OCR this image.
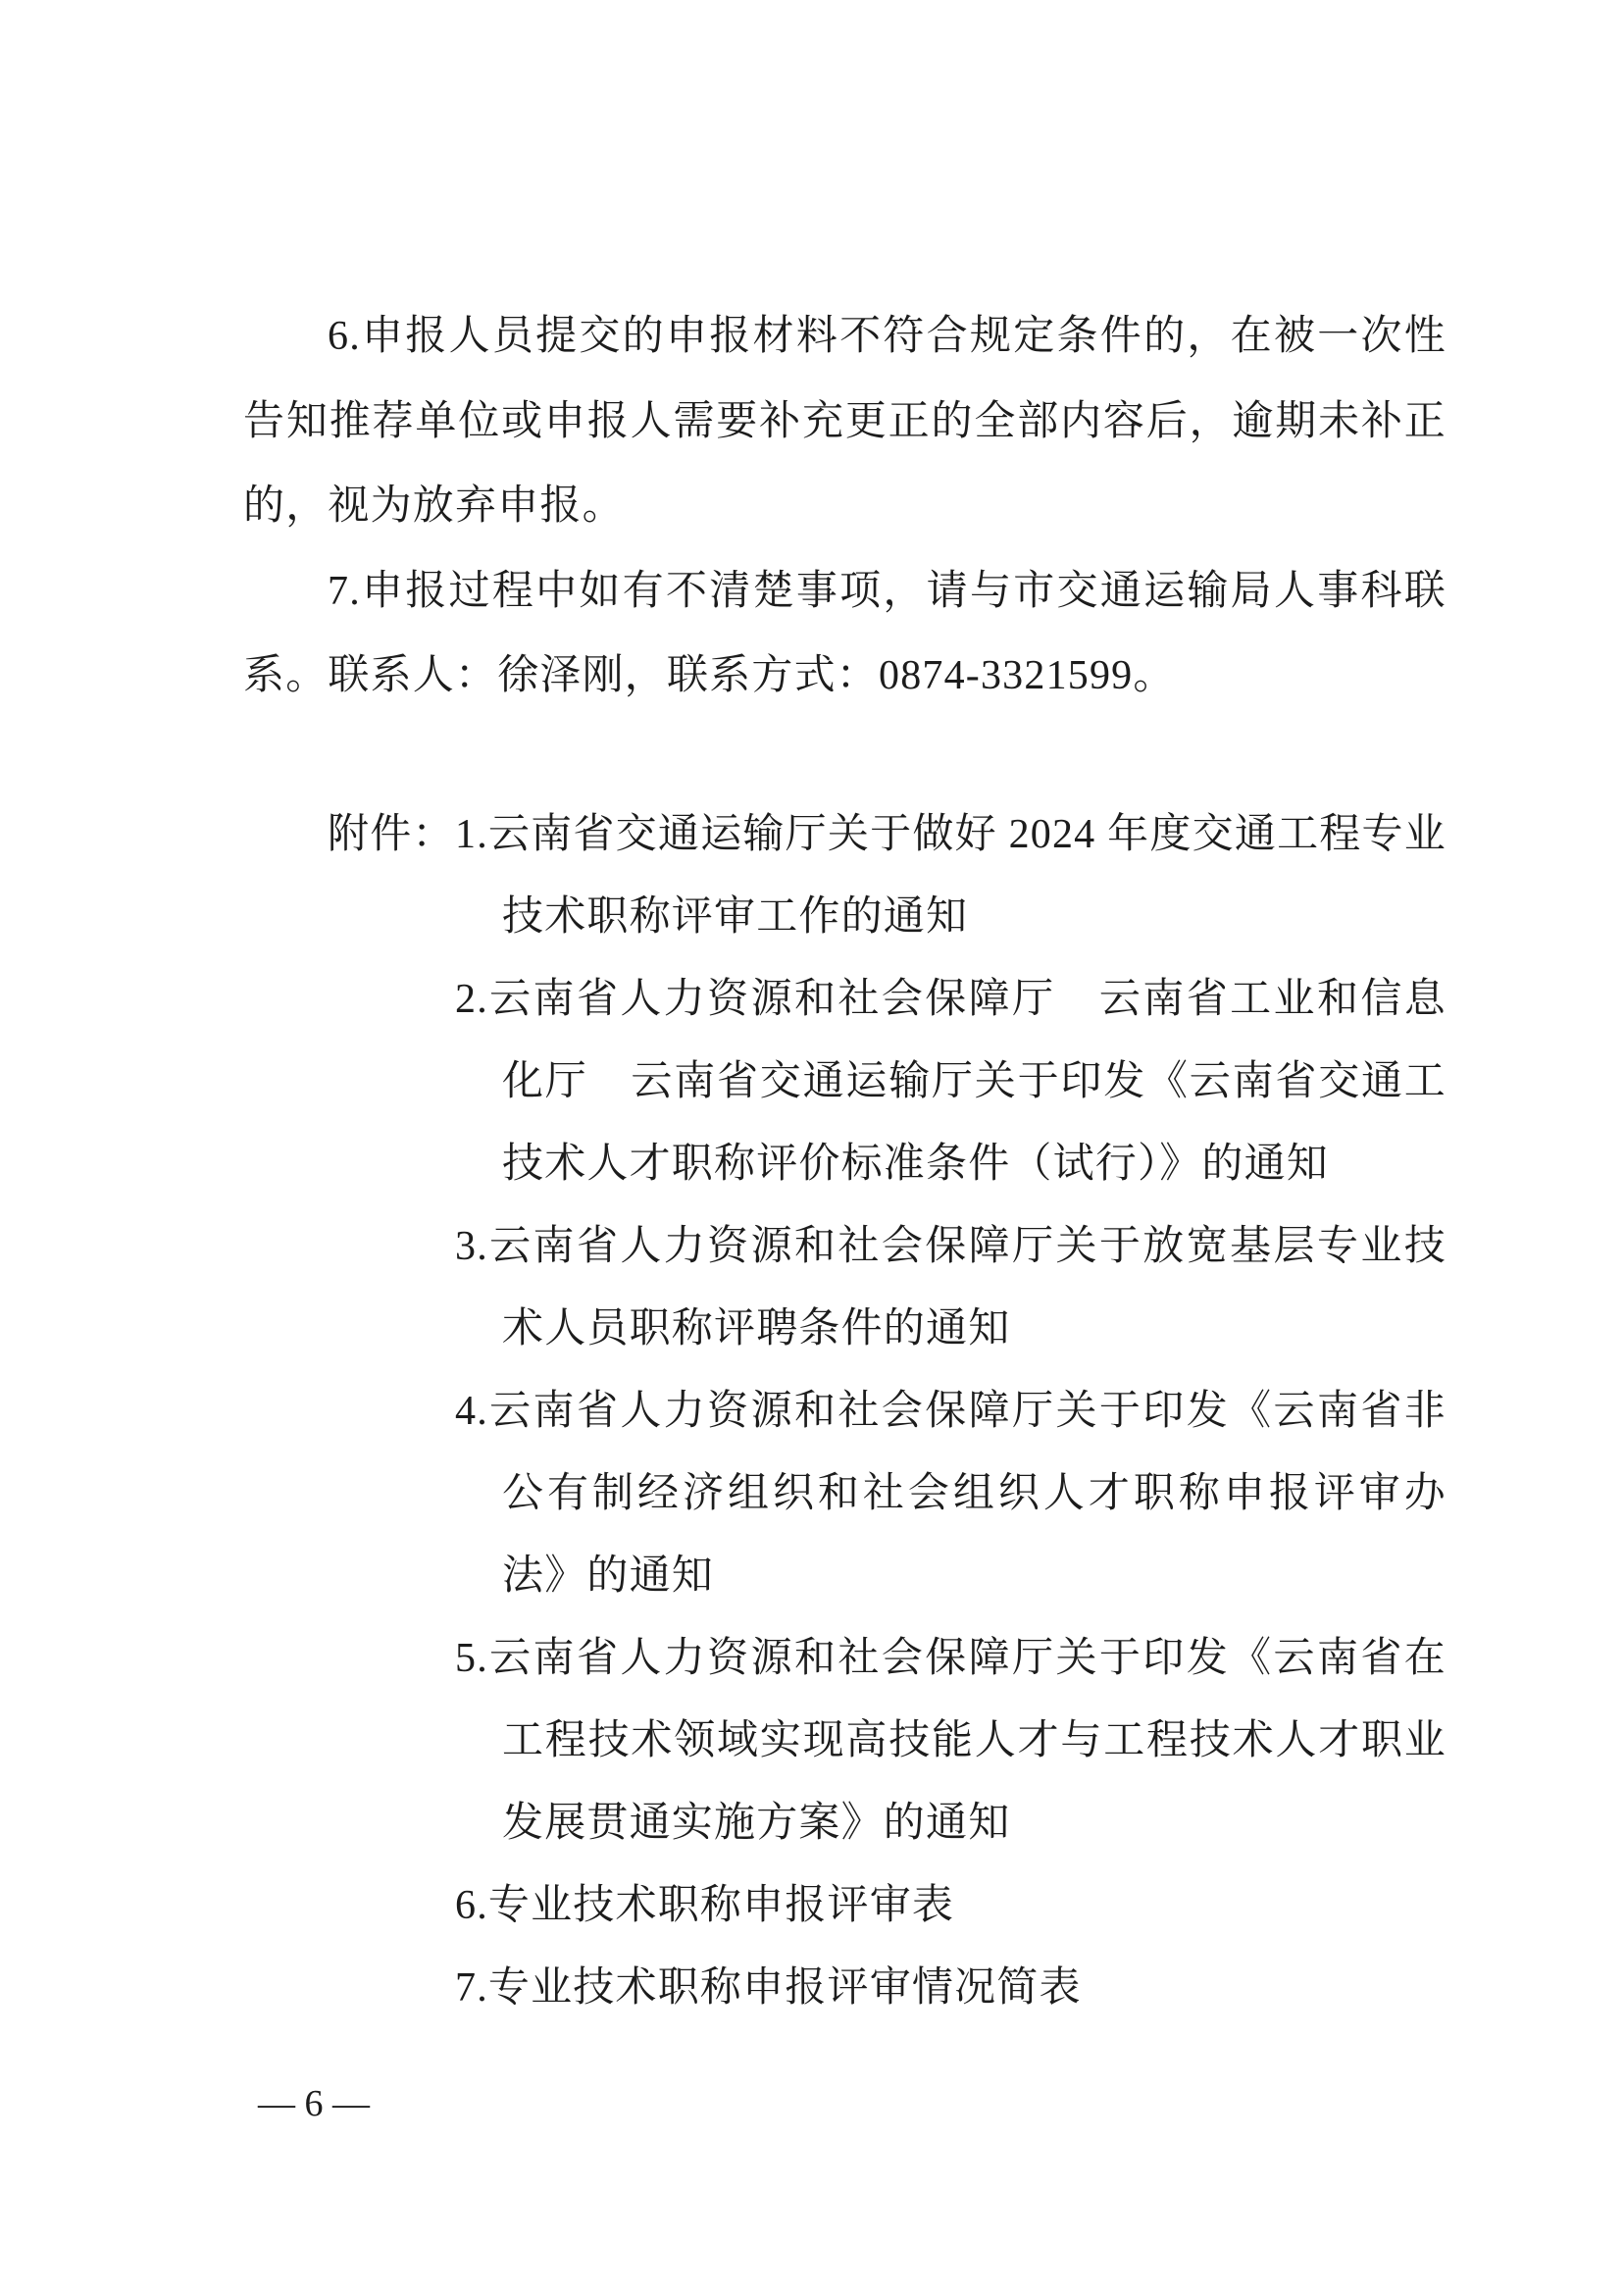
6.申报人员提交的申报材料不符合规定条件的，在被一次性
告知推荐单位或申报人需要补充更正的全部内容后，逾期未补正
的，视为放弃申报。
7.申报过程中如有不清楚事项，请与市交通运输局人事科联
系。联系人：徐泽刚，联系方式：0874-3321599。
附件： 1.云南省交通运输厅关于做好 2024 年度交通工程专业
技术职称评审工作的通知
2.云南省人力资源和社会保障厅　云南省工业和信息
化厅　云南省交通运输厅关于印发《云南省交通工
技术人才职称评价标准条件（试行）》的通知
3.云南省人力资源和社会保障厅关于放宽基层专业技
术人员职称评聘条件的通知
4.云南省人力资源和社会保障厅关于印发《云南省非
公有制经济组织和社会组织人才职称申报评审办
法》的通知
5.云南省人力资源和社会保障厅关于印发《云南省在
工程技术领域实现高技能人才与工程技术人才职业
发展贯通实施方案》的通知
6.专业技术职称申报评审表
7.专业技术职称申报评审情况简表
— 6 —
